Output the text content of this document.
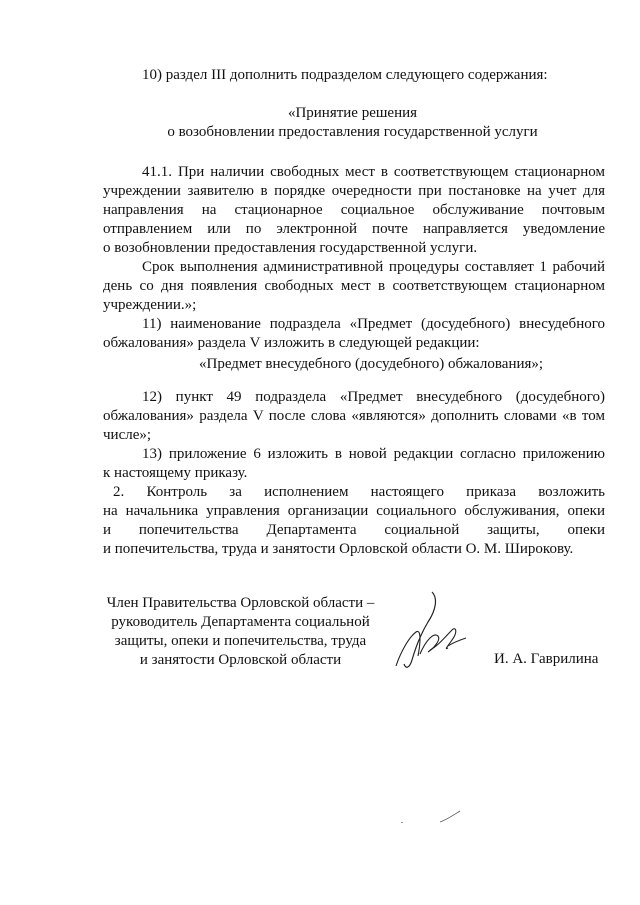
10) раздел III дополнить подразделом следующего содержания:
«Принятие решения
о возобновлении предоставления государственной услуги
41.1. При наличии свободных мест в соответствующем стационарном
учреждении заявителю в порядке очередности при постановке на учет для
направления на стационарное социальное обслуживание почтовым
отправлением или по электронной почте направляется уведомление
о возобновлении предоставления государственной услуги.
Срок выполнения административной процедуры составляет 1 рабочий
день со дня появления свободных мест в соответствующем стационарном
учреждении.»;
11) наименование подраздела «Предмет (досудебного) внесудебного
обжалования» раздела V изложить в следующей редакции:
«Предмет внесудебного (досудебного) обжалования»;
12) пункт 49 подраздела «Предмет внесудебного (досудебного)
обжалования» раздела V после слова «являются» дополнить словами «в том
числе»;
13) приложение 6 изложить в новой редакции согласно приложению
к настоящему приказу.
2. Контроль за исполнением настоящего приказа возложить
на начальника управления организации социального обслуживания, опеки
и попечительства Департамента социальной защиты, опеки
и попечительства, труда и занятости Орловской области О. М. Широкову.
Член Правительства Орловской области –
руководитель Департамента социальной
защиты, опеки и попечительства, труда
и занятости Орловской области	И. А. Гаврилина
